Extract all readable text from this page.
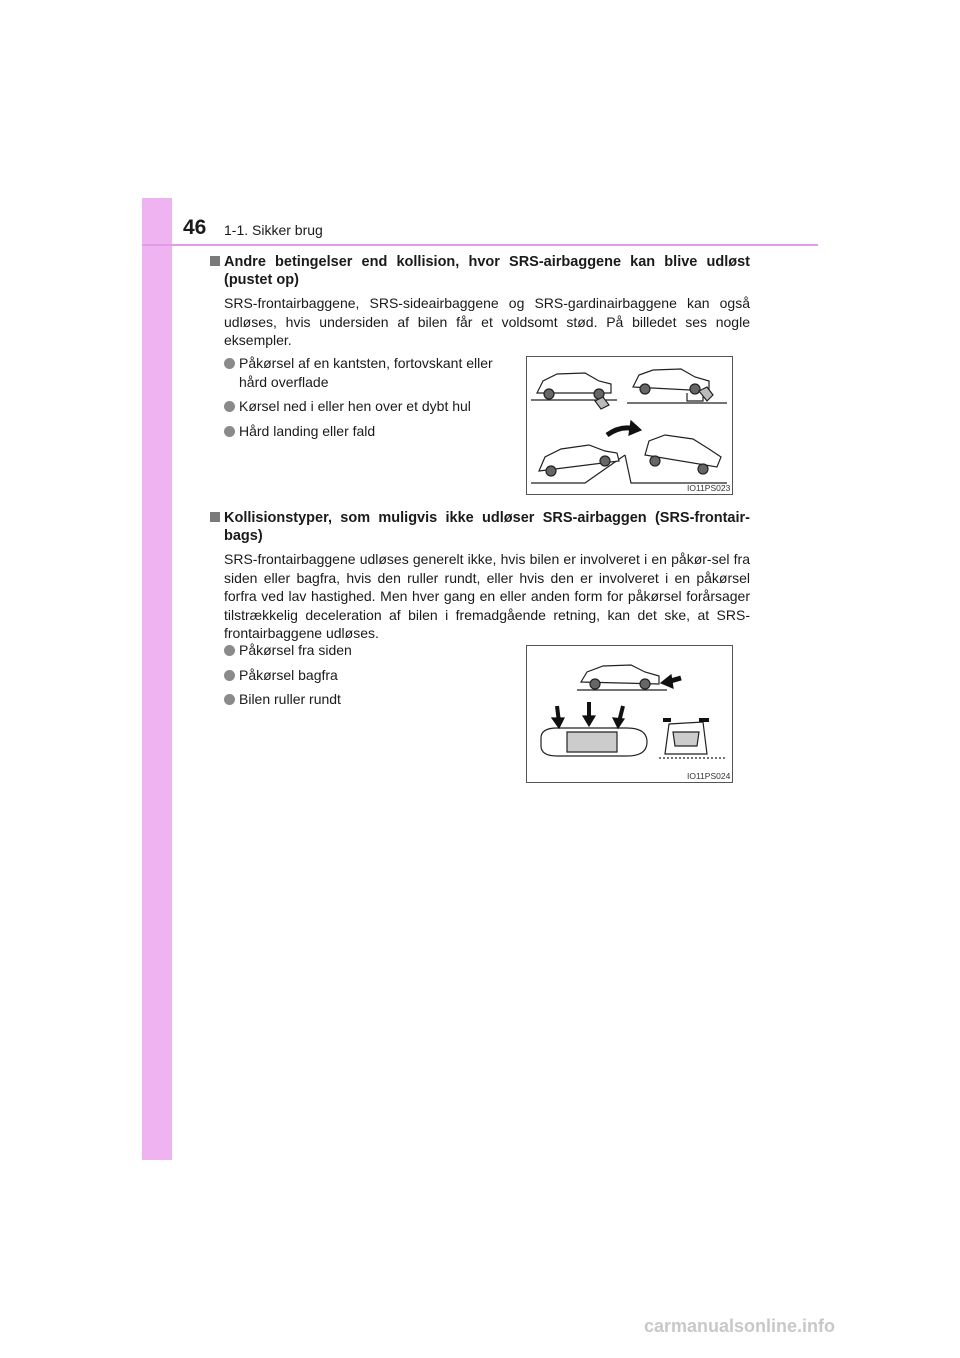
46 1-1. Sikker brug
Andre betingelser end kollision, hvor SRS-airbaggene kan blive udløst (pustet op)
SRS-frontairbaggene, SRS-sideairbaggene og SRS-gardinairbaggene kan også udløses, hvis undersiden af bilen får et voldsomt stød. På billedet ses nogle eksempler.
Påkørsel af en kantsten, fortovskant eller hård overflade
Kørsel ned i eller hen over et dybt hul
Hård landing eller fald
IO11PS023
Kollisionstyper, som muligvis ikke udløser SRS-airbaggen (SRS-frontair-bags)
SRS-frontairbaggene udløses generelt ikke, hvis bilen er involveret i en påkør-sel fra siden eller bagfra, hvis den ruller rundt, eller hvis den er involveret i en påkørsel forfra ved lav hastighed. Men hver gang en eller anden form for påkørsel forårsager tilstrækkelig deceleration af bilen i fremadgående retning, kan det ske, at SRS-frontairbaggene udløses.
Påkørsel fra siden
Påkørsel bagfra
Bilen ruller rundt
IO11PS024
carmanualsonline.info
